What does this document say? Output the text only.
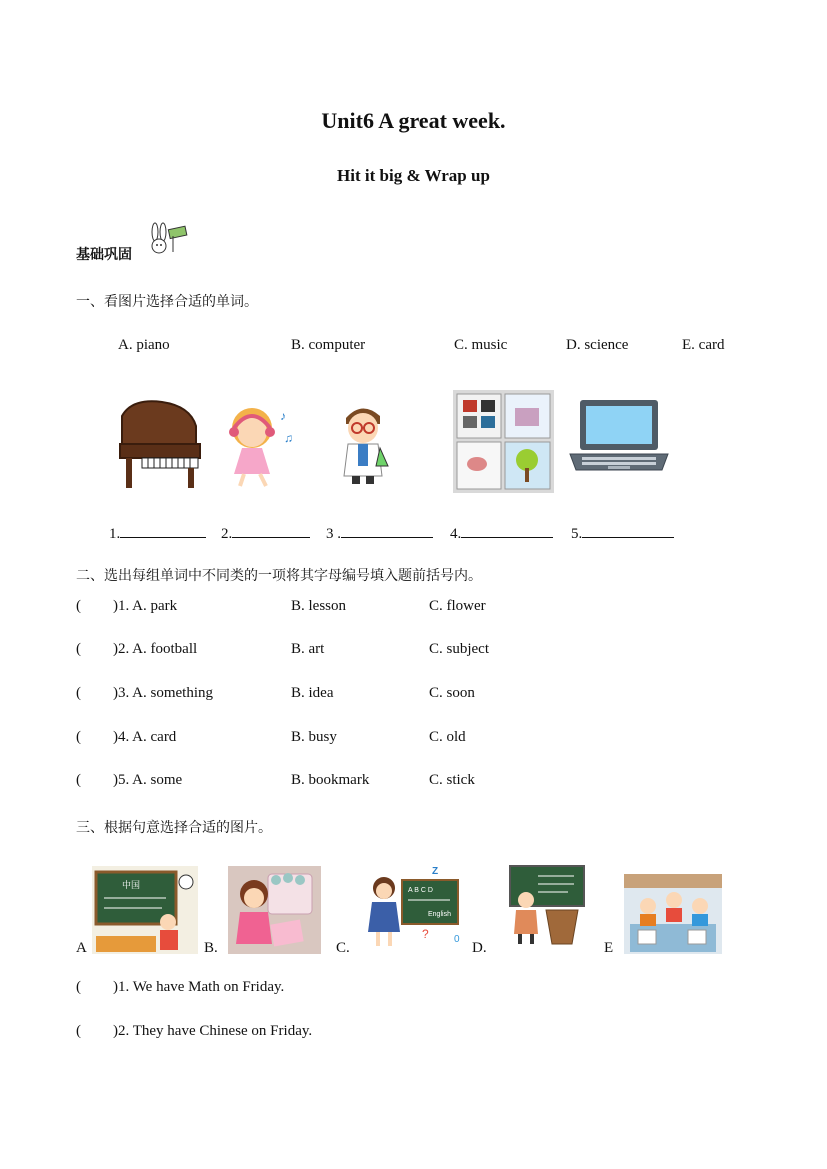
Unit6 A great week.
Hit it big & Wrap up
基础巩固
一、看图片选择合适的单词。
A. piano	B. computer	C. music	D. science	E. card
♪
♫
1.	2.	3 .	4.	5.
二、选出每组单词中不同类的一项将其字母编号填入题前括号内。
( )1. A. park	B. lesson	C. flower
( )2. A. football	B. art	C. subject
( )3. A. something	B. idea	C. soon
( )4. A. card	B. busy	C. old
( )5. A. some	B. bookmark	C. stick
三、根据句意选择合适的图片。
A
中国
B.	C.
Z
A B C D
English
?	0
D.	E
( )1. We have Math on Friday.
( )2. They have Chinese on Friday.
